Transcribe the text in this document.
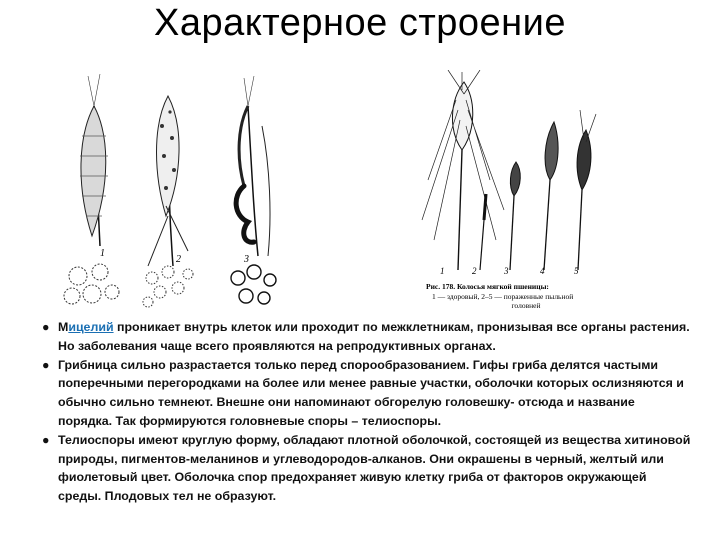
Характерное строение
1
2	3
1	2	3	4	5
Рис. 178. Колосья мягкой пшеницы:
1 — здоровый, 2–5 — пораженные пыльной
головней
● Мицелий проникает внутрь клеток или проходит по межклетникам, пронизывая все органы растения. Но заболевания чаще всего проявляются на репродуктивных органах.
● Грибница сильно разрастается только перед спорообразованием. Гифы гриба делятся частыми поперечными перегородками на более или менее равные участки, оболочки которых ослизняются и обычно сильно темнеют. Внешне они напоминают обгорелую головешку- отсюда и название порядка. Так формируются головневые споры – телиоспоры.
● Телиоспоры имеют круглую форму, обладают плотной оболочкой, состоящей из вещества хитиновой природы, пигментов-меланинов и углеводородов-алканов. Они окрашены в черный, желтый или фиолетовый цвет. Оболочка спор предохраняет живую клетку гриба от факторов окружающей среды. Плодовых тел не образуют.
